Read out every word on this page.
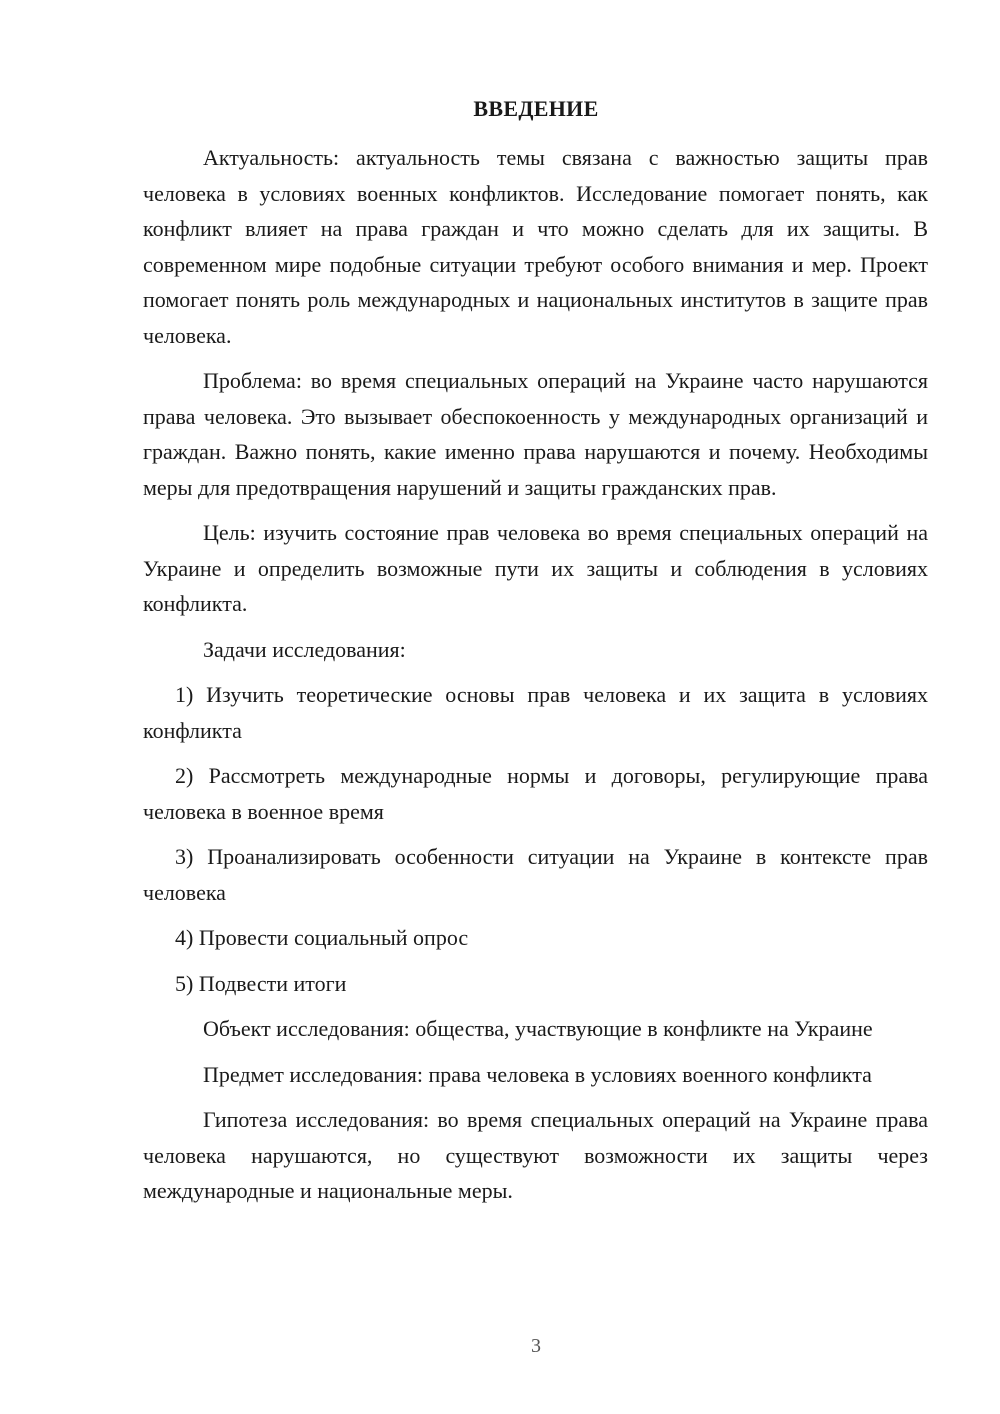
ВВЕДЕНИЕ

Актуальность: актуальность темы связана с важностью защиты прав человека в условиях военных конфликтов. Исследование помогает понять, как конфликт влияет на права граждан и что можно сделать для их защиты. В современном мире подобные ситуации требуют особого внимания и мер. Проект помогает понять роль международных и национальных институтов в защите прав человека.

Проблема: во время специальных операций на Украине часто нарушаются права человека. Это вызывает обеспокоенность у международных организаций и граждан. Важно понять, какие именно права нарушаются и почему. Необходимы меры для предотвращения нарушений и защиты гражданских прав.

Цель: изучить состояние прав человека во время специальных операций на Украине и определить возможные пути их защиты и соблюдения в условиях конфликта.

Задачи исследования:

1) Изучить теоретические основы прав человека и их защита в условиях конфликта

2) Рассмотреть международные нормы и договоры, регулирующие права человека в военное время

3) Проанализировать особенности ситуации на Украине в контексте прав человека

4) Провести социальный опрос

5) Подвести итоги

Объект исследования: общества, участвующие в конфликте на Украине

Предмет исследования: права человека в условиях военного конфликта

Гипотеза исследования: во время специальных операций на Украине права человека нарушаются, но существуют возможности их защиты через международные и национальные меры.

3
